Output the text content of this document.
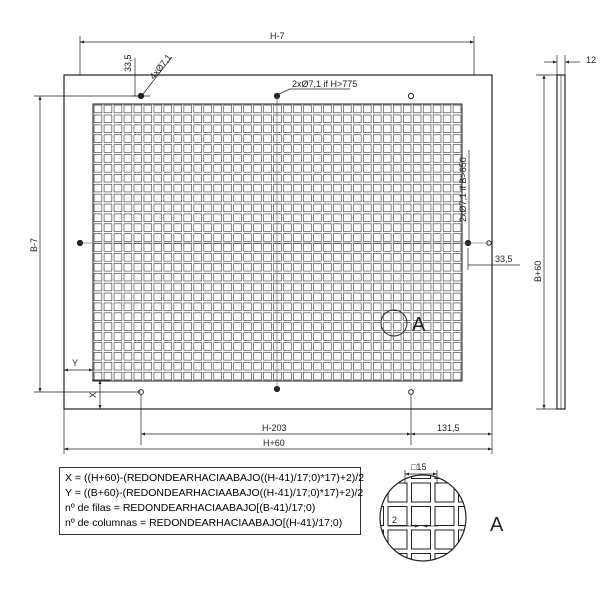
A
H-7
33,5 4xØ7,1
2xØ7,1 if H>775
2xØ7,1 if B>650
33,5
B-7
Y
X
12
B+60
H-203
H+60
131,5
□15
2	A
X = ((H+60)-(REDONDEARHACIAABAJO((H-41)/17;0)*17)+2)/2
Y = ((B+60)-(REDONDEARHACIAABAJO((H-41)/17;0)*17)+2)/2
nº de filas = REDONDEARHACIAABAJO[(B-41)/17;0)
nº de columnas = REDONDEARHACIAABAJO[(H-41)/17;0)
